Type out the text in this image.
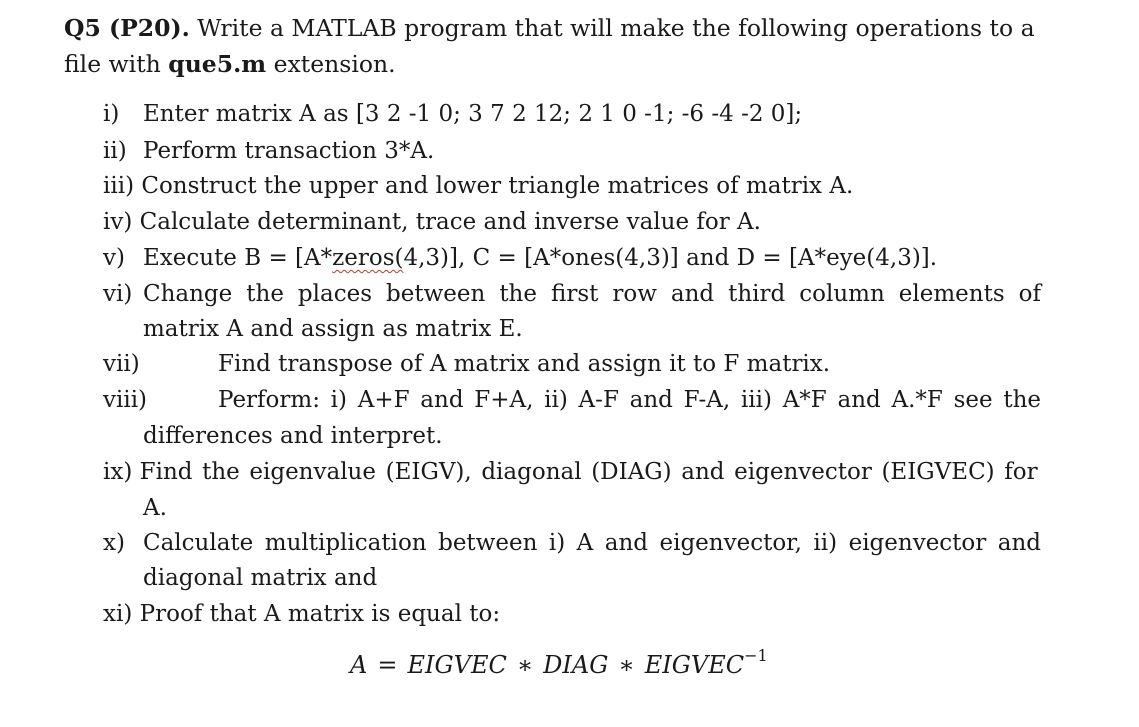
Q5 (P20). Write a MATLAB program that will make the following operations to a
file with que5.m extension.
i) Enter matrix A as [3 2 -1 0; 3 7 2 12; 2 1 0 -1; -6 -4 -2 0];
ii) Perform transaction 3*A.
iii) Construct the upper and lower triangle matrices of matrix A.
iv) Calculate determinant, trace and inverse value for A.
v) Execute B = [A*zeros(4,3)], C = [A*ones(4,3)] and D = [A*eye(4,3)].
vi) Change the places between the first row and third column elements of
matrix A and assign as matrix E.
vii)	Find transpose of A matrix and assign it to F matrix.
viii)	Perform: i) A+F and F+A, ii) A-F and F-A, iii) A*F and A.*F see the
differences and interpret.
ix) Find the eigenvalue (EIGV), diagonal (DIAG) and eigenvector (EIGVEC) for
A.
x) Calculate multiplication between i) A and eigenvector, ii) eigenvector and
diagonal matrix and
xi) Proof that A matrix is equal to:
A = EIGVEC ∗ DIAG ∗ $EIGVEC^{-1}$
